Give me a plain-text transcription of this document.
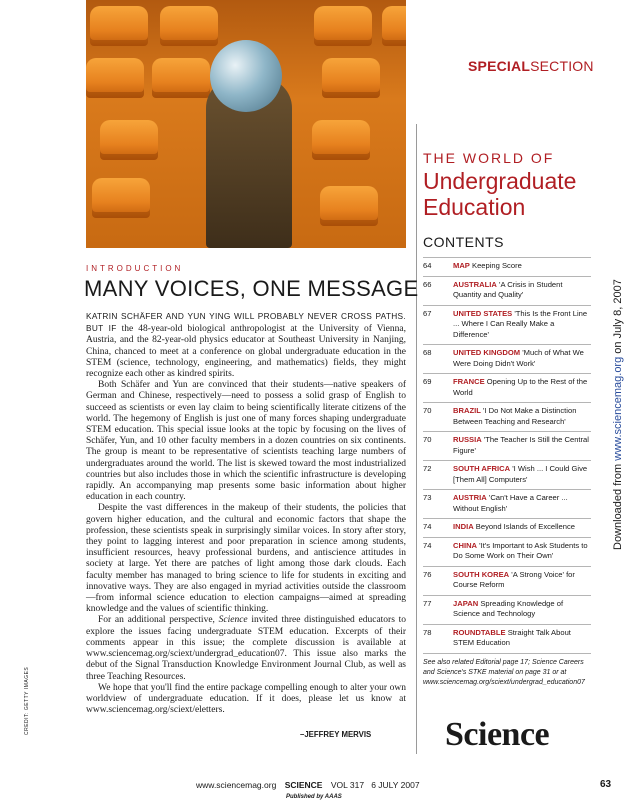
SPECIALSECTION
THE WORLD OF
Undergraduate Education
CONTENTS
64	MAP Keeping Score
66	AUSTRALIA 'A Crisis in Student Quantity and Quality'
67	UNITED STATES 'This Is the Front Line ... Where I Can Really Make a Difference'
68	UNITED KINGDOM 'Much of What We Were Doing Didn't Work'
69	FRANCE Opening Up to the Rest of the World
70	BRAZIL 'I Do Not Make a Distinction Between Teaching and Research'
70	RUSSIA 'The Teacher Is Still the Central Figure'
72	SOUTH AFRICA 'I Wish ... I Could Give [Them All] Computers'
73	AUSTRIA 'Can't Have a Career ... Without English'
74	INDIA Beyond Islands of Excellence
74	CHINA 'It's Important to Ask Students to Do Some Work on Their Own'
76	SOUTH KOREA 'A Strong Voice' for Course Reform
77	JAPAN Spreading Knowledge of Science and Technology
78	ROUNDTABLE Straight Talk About STEM Education
See also related Editorial page 17; Science Careers and Science's STKE material on page 31 or at www.sciencemag.org/sciext/undergrad_education07
INTRODUCTION
MANY VOICES, ONE MESSAGE

KATRIN SCHÄFER AND YUN YING WILL PROBABLY NEVER CROSS PATHS. BUT IF the 48-year-old biological anthropologist at the University of Vienna, Austria, and the 82-year-old physics educator at Southeast University in Nanjing, China, chanced to meet at a conference on global undergraduate education in the STEM (science, technology, engineering, and mathematics) fields, they might recognize each other as kindred spirits.

Both Schäfer and Yun are convinced that their students—native speakers of German and Chinese, respectively—need to possess a solid grasp of English to succeed as scientists or even lay claim to being scientifically literate citizens of the world. The hegemony of English is just one of many forces shaping undergraduate STEM education. This special issue looks at the topic by focusing on the lives of Schäfer, Yun, and 10 other faculty members in a dozen countries on six continents. The group is meant to be representative of scientists teaching large numbers of undergraduates around the world. The list is skewed toward the most industrialized countries but also includes those in which the scientific infrastructure is developing rapidly. An accompanying map presents some basic information about higher education in each country.

Despite the vast differences in the makeup of their students, the policies that govern higher education, and the cultural and economic factors that shape the profession, these scientists speak in surprisingly similar voices. In story after story, they point to lagging interest and poor preparation in science among students, insufficient resources, heavy professional burdens, and antiscience attitudes in society at large. Yet there are patches of light among those dark clouds. Each faculty member has managed to bring science to life for students in exciting and innovative ways. They are also engaged in myriad activities outside the classroom—from informal science education to election campaigns—aimed at spreading knowledge and the values of scientific thinking.

For an additional perspective, Science invited three distinguished educators to explore the issues facing undergraduate STEM education. Excerpts of their comments appear in this issue; the complete discussion is available at www.sciencemag.org/sciext/undergrad_education07. This issue also marks the debut of the Signal Transduction Knowledge Environment Journal Club, as well as three Teaching Resources.

We hope that you'll find the entire package compelling enough to alter your own worldview of undergraduate education. If it does, please let us know at www.sciencemag.org/sciext/eletters.

–JEFFREY MERVIS
CREDIT: GETTY IMAGES
Downloaded from www.sciencemag.org on July 8, 2007
Science
www.sciencemag.org SCIENCE VOL 317 6 JULY 2007	63
Published by AAAS
